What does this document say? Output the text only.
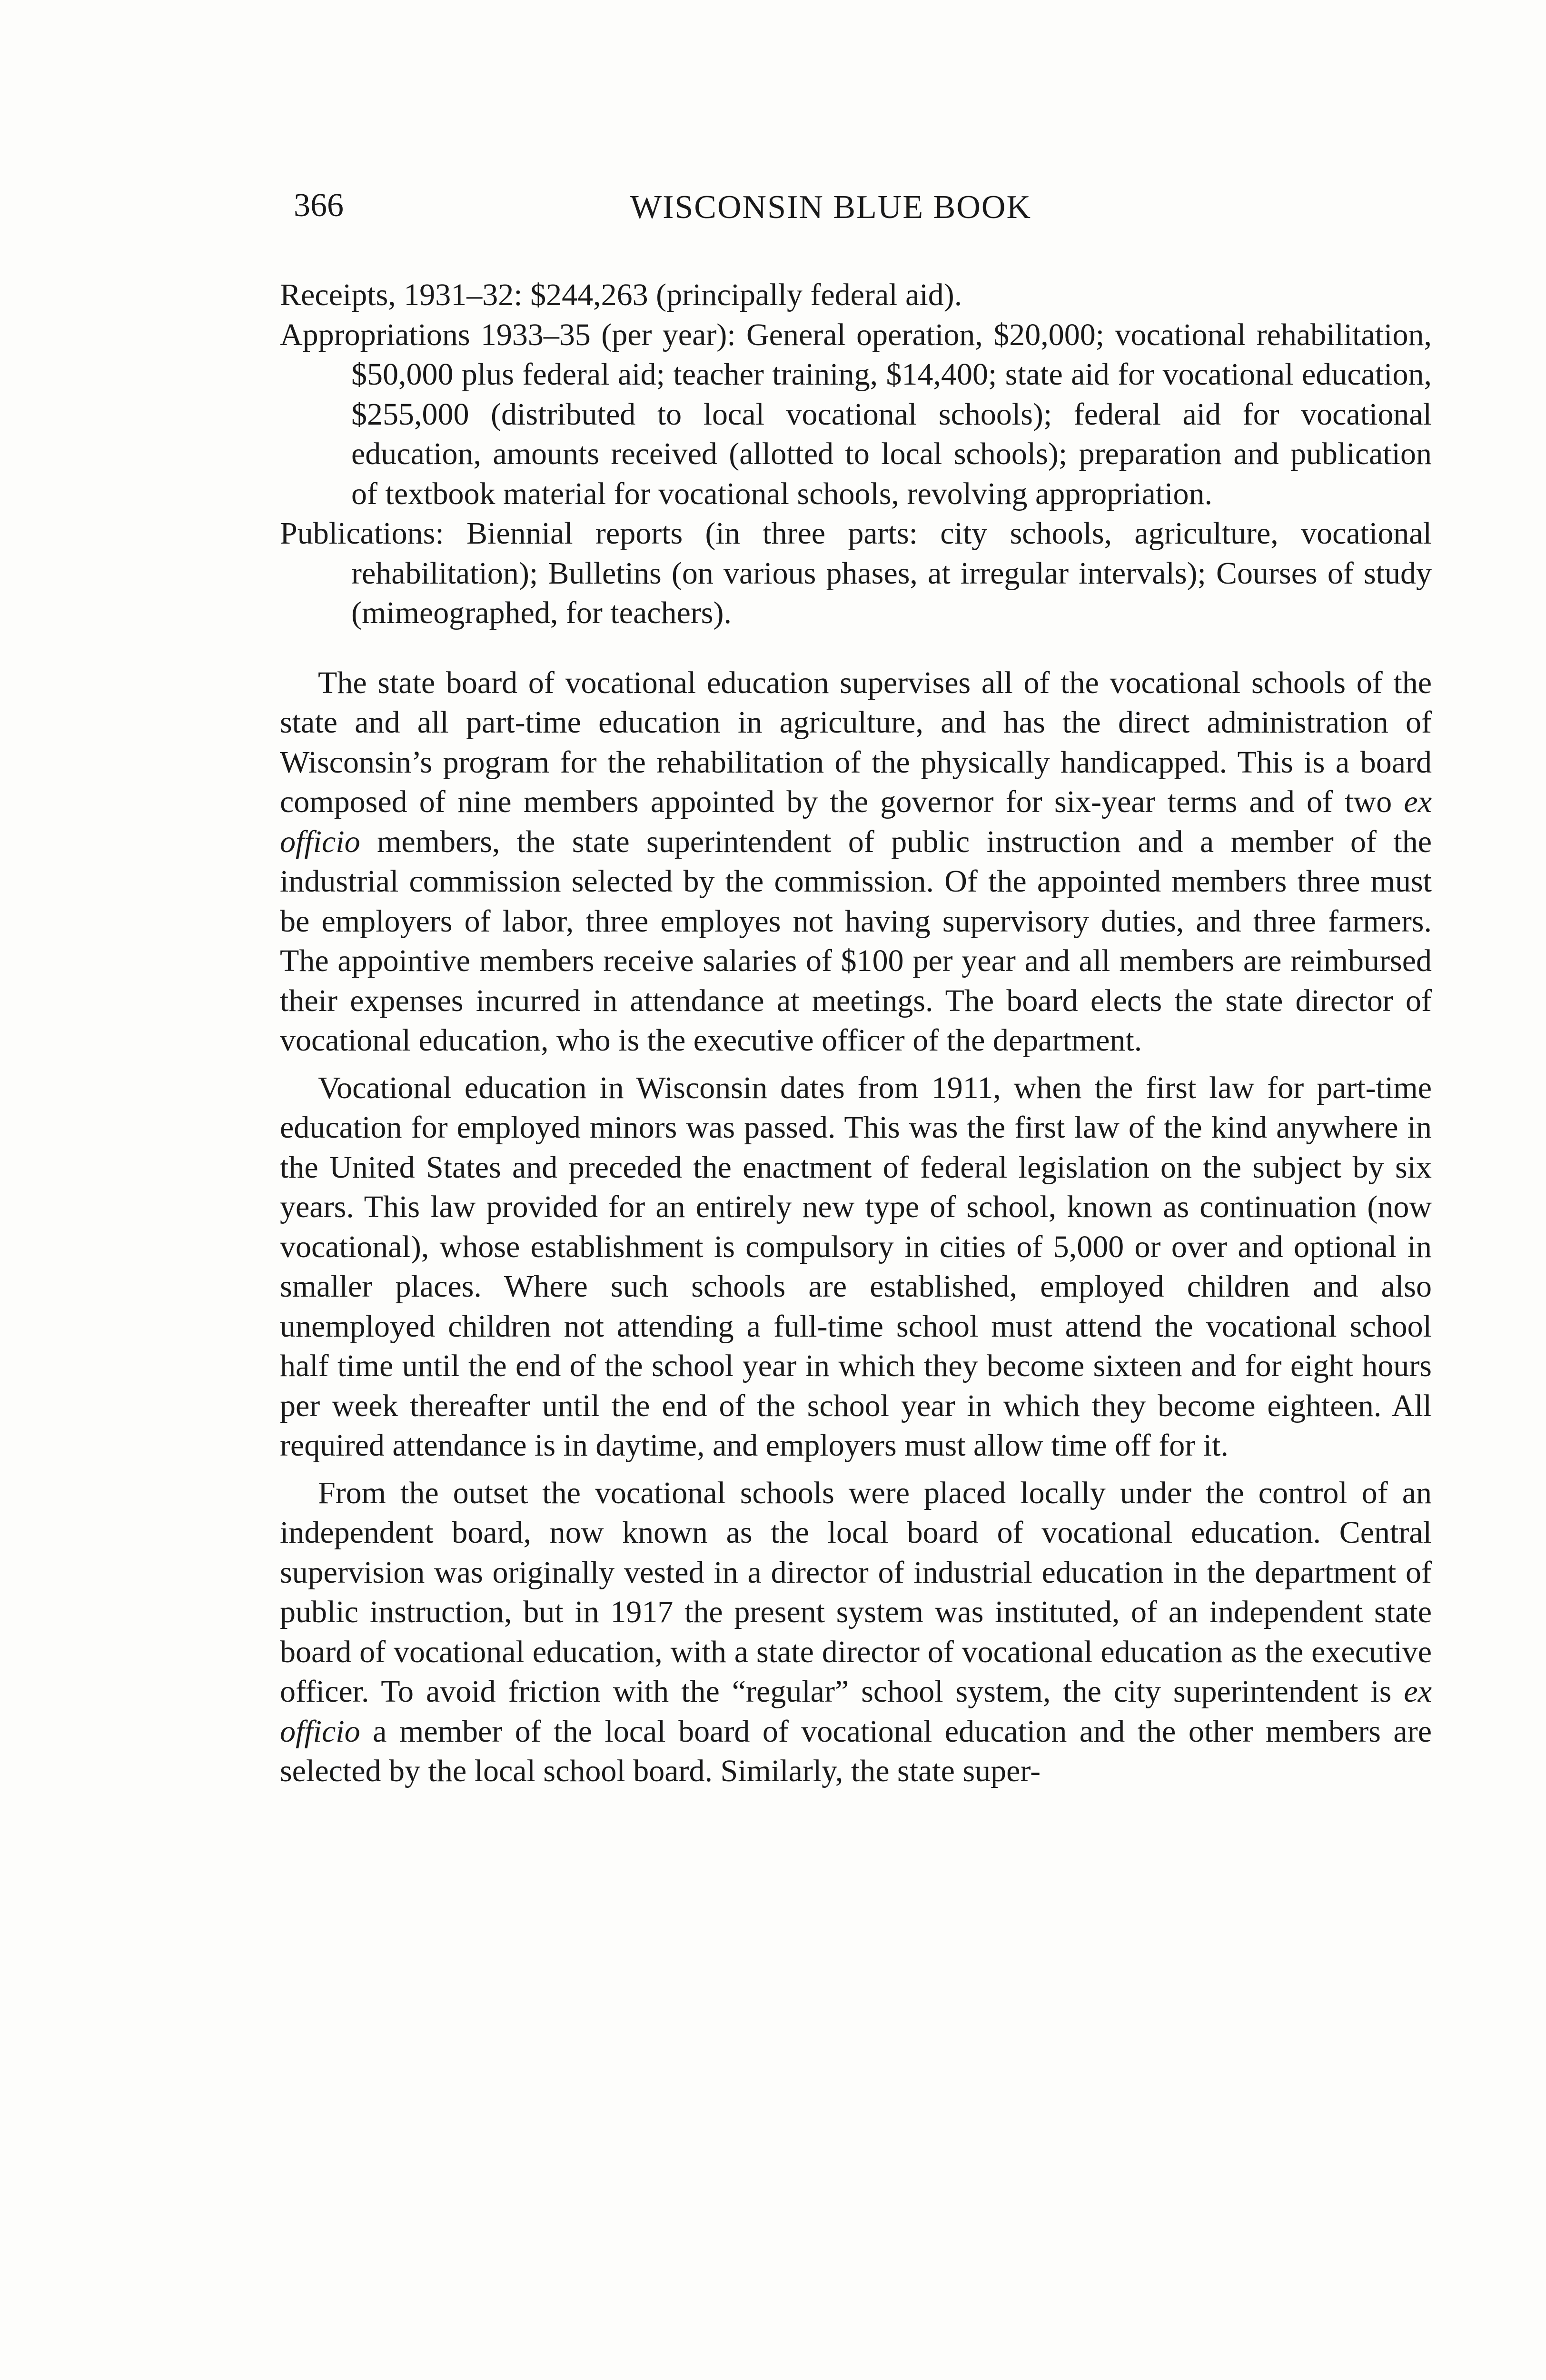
366	WISCONSIN BLUE BOOK

Receipts, 1931–32: $244,263 (principally federal aid).

Appropriations 1933–35 (per year): General operation, $20,000; vocational rehabilitation, $50,000 plus federal aid; teacher training, $14,400; state aid for vocational education, $255,000 (distributed to local vocational schools); federal aid for vocational education, amounts received (allotted to local schools); preparation and publication of textbook material for vocational schools, revolving appropriation.

Publications: Biennial reports (in three parts: city schools, agriculture, vocational rehabilitation); Bulletins (on various phases, at irregular intervals); Courses of study (mimeographed, for teachers).

The state board of vocational education supervises all of the vocational schools of the state and all part-time education in agriculture, and has the direct administration of Wisconsin’s program for the rehabilitation of the physically handicapped. This is a board composed of nine members appointed by the governor for six-year terms and of two ex officio members, the state superintendent of public instruction and a member of the industrial commission selected by the commission. Of the appointed members three must be employers of labor, three employes not having supervisory duties, and three farmers. The appointive members receive salaries of $100 per year and all members are reimbursed their expenses incurred in attendance at meetings. The board elects the state director of vocational education, who is the executive officer of the department.

Vocational education in Wisconsin dates from 1911, when the first law for part-time education for employed minors was passed. This was the first law of the kind anywhere in the United States and preceded the enactment of federal legislation on the subject by six years. This law provided for an entirely new type of school, known as continuation (now vocational), whose establishment is compulsory in cities of 5,000 or over and optional in smaller places. Where such schools are established, employed children and also unemployed children not attending a full-time school must attend the vocational school half time until the end of the school year in which they become sixteen and for eight hours per week thereafter until the end of the school year in which they become eighteen. All required attendance is in daytime, and employers must allow time off for it.

From the outset the vocational schools were placed locally under the control of an independent board, now known as the local board of vocational education. Central supervision was originally vested in a director of industrial education in the department of public instruction, but in 1917 the present system was instituted, of an independent state board of vocational education, with a state director of vocational education as the executive officer. To avoid friction with the “regular” school system, the city superintendent is ex officio a member of the local board of vocational education and the other members are selected by the local school board. Similarly, the state super-
